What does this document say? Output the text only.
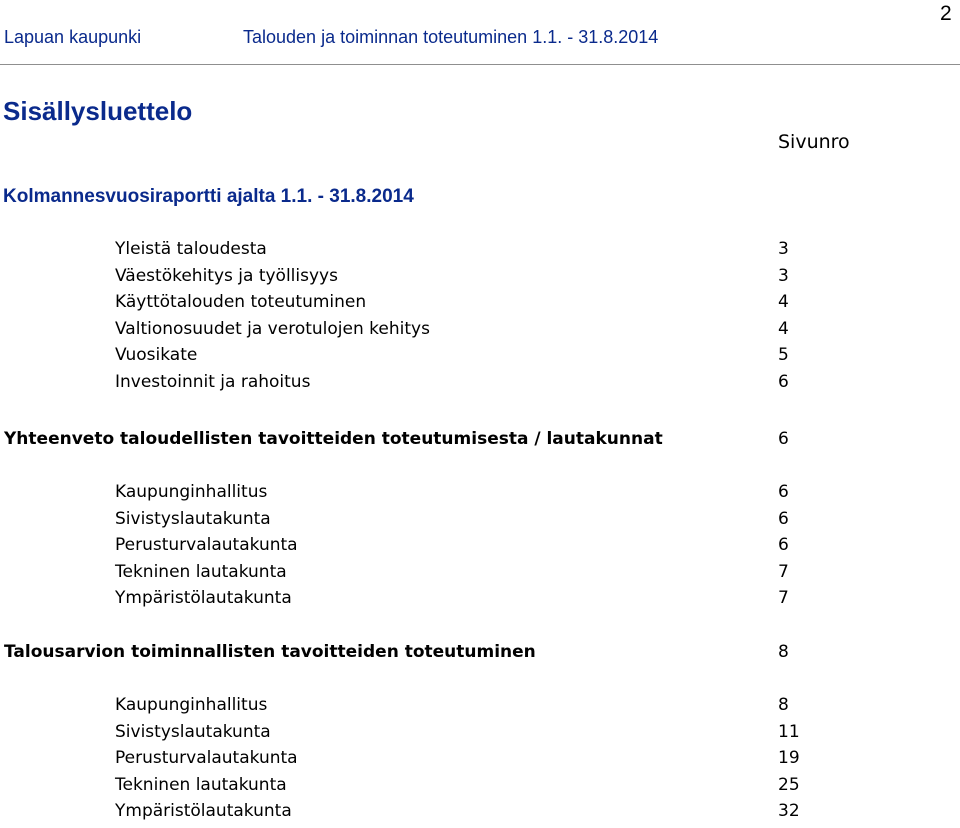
2
Lapuan kaupunki	Talouden ja toiminnan toteutuminen 1.1. - 31.8.2014
Sisällysluettelo
Sivunro
Kolmannesvuosiraportti ajalta 1.1. - 31.8.2014
Yleistä taloudesta	3
Väestökehitys ja työllisyys	3
Käyttötalouden toteutuminen	4
Valtionosuudet ja verotulojen kehitys	4
Vuosikate	5
Investoinnit ja rahoitus	6
Yhteenveto taloudellisten tavoitteiden toteutumisesta / lautakunnat	6
Kaupunginhallitus	6
Sivistyslautakunta	6
Perusturvalautakunta	6
Tekninen lautakunta	7
Ympäristölautakunta	7
Talousarvion toiminnallisten tavoitteiden toteutuminen	8
Kaupunginhallitus	8
Sivistyslautakunta	11
Perusturvalautakunta	19
Tekninen lautakunta	25
Ympäristölautakunta	32
